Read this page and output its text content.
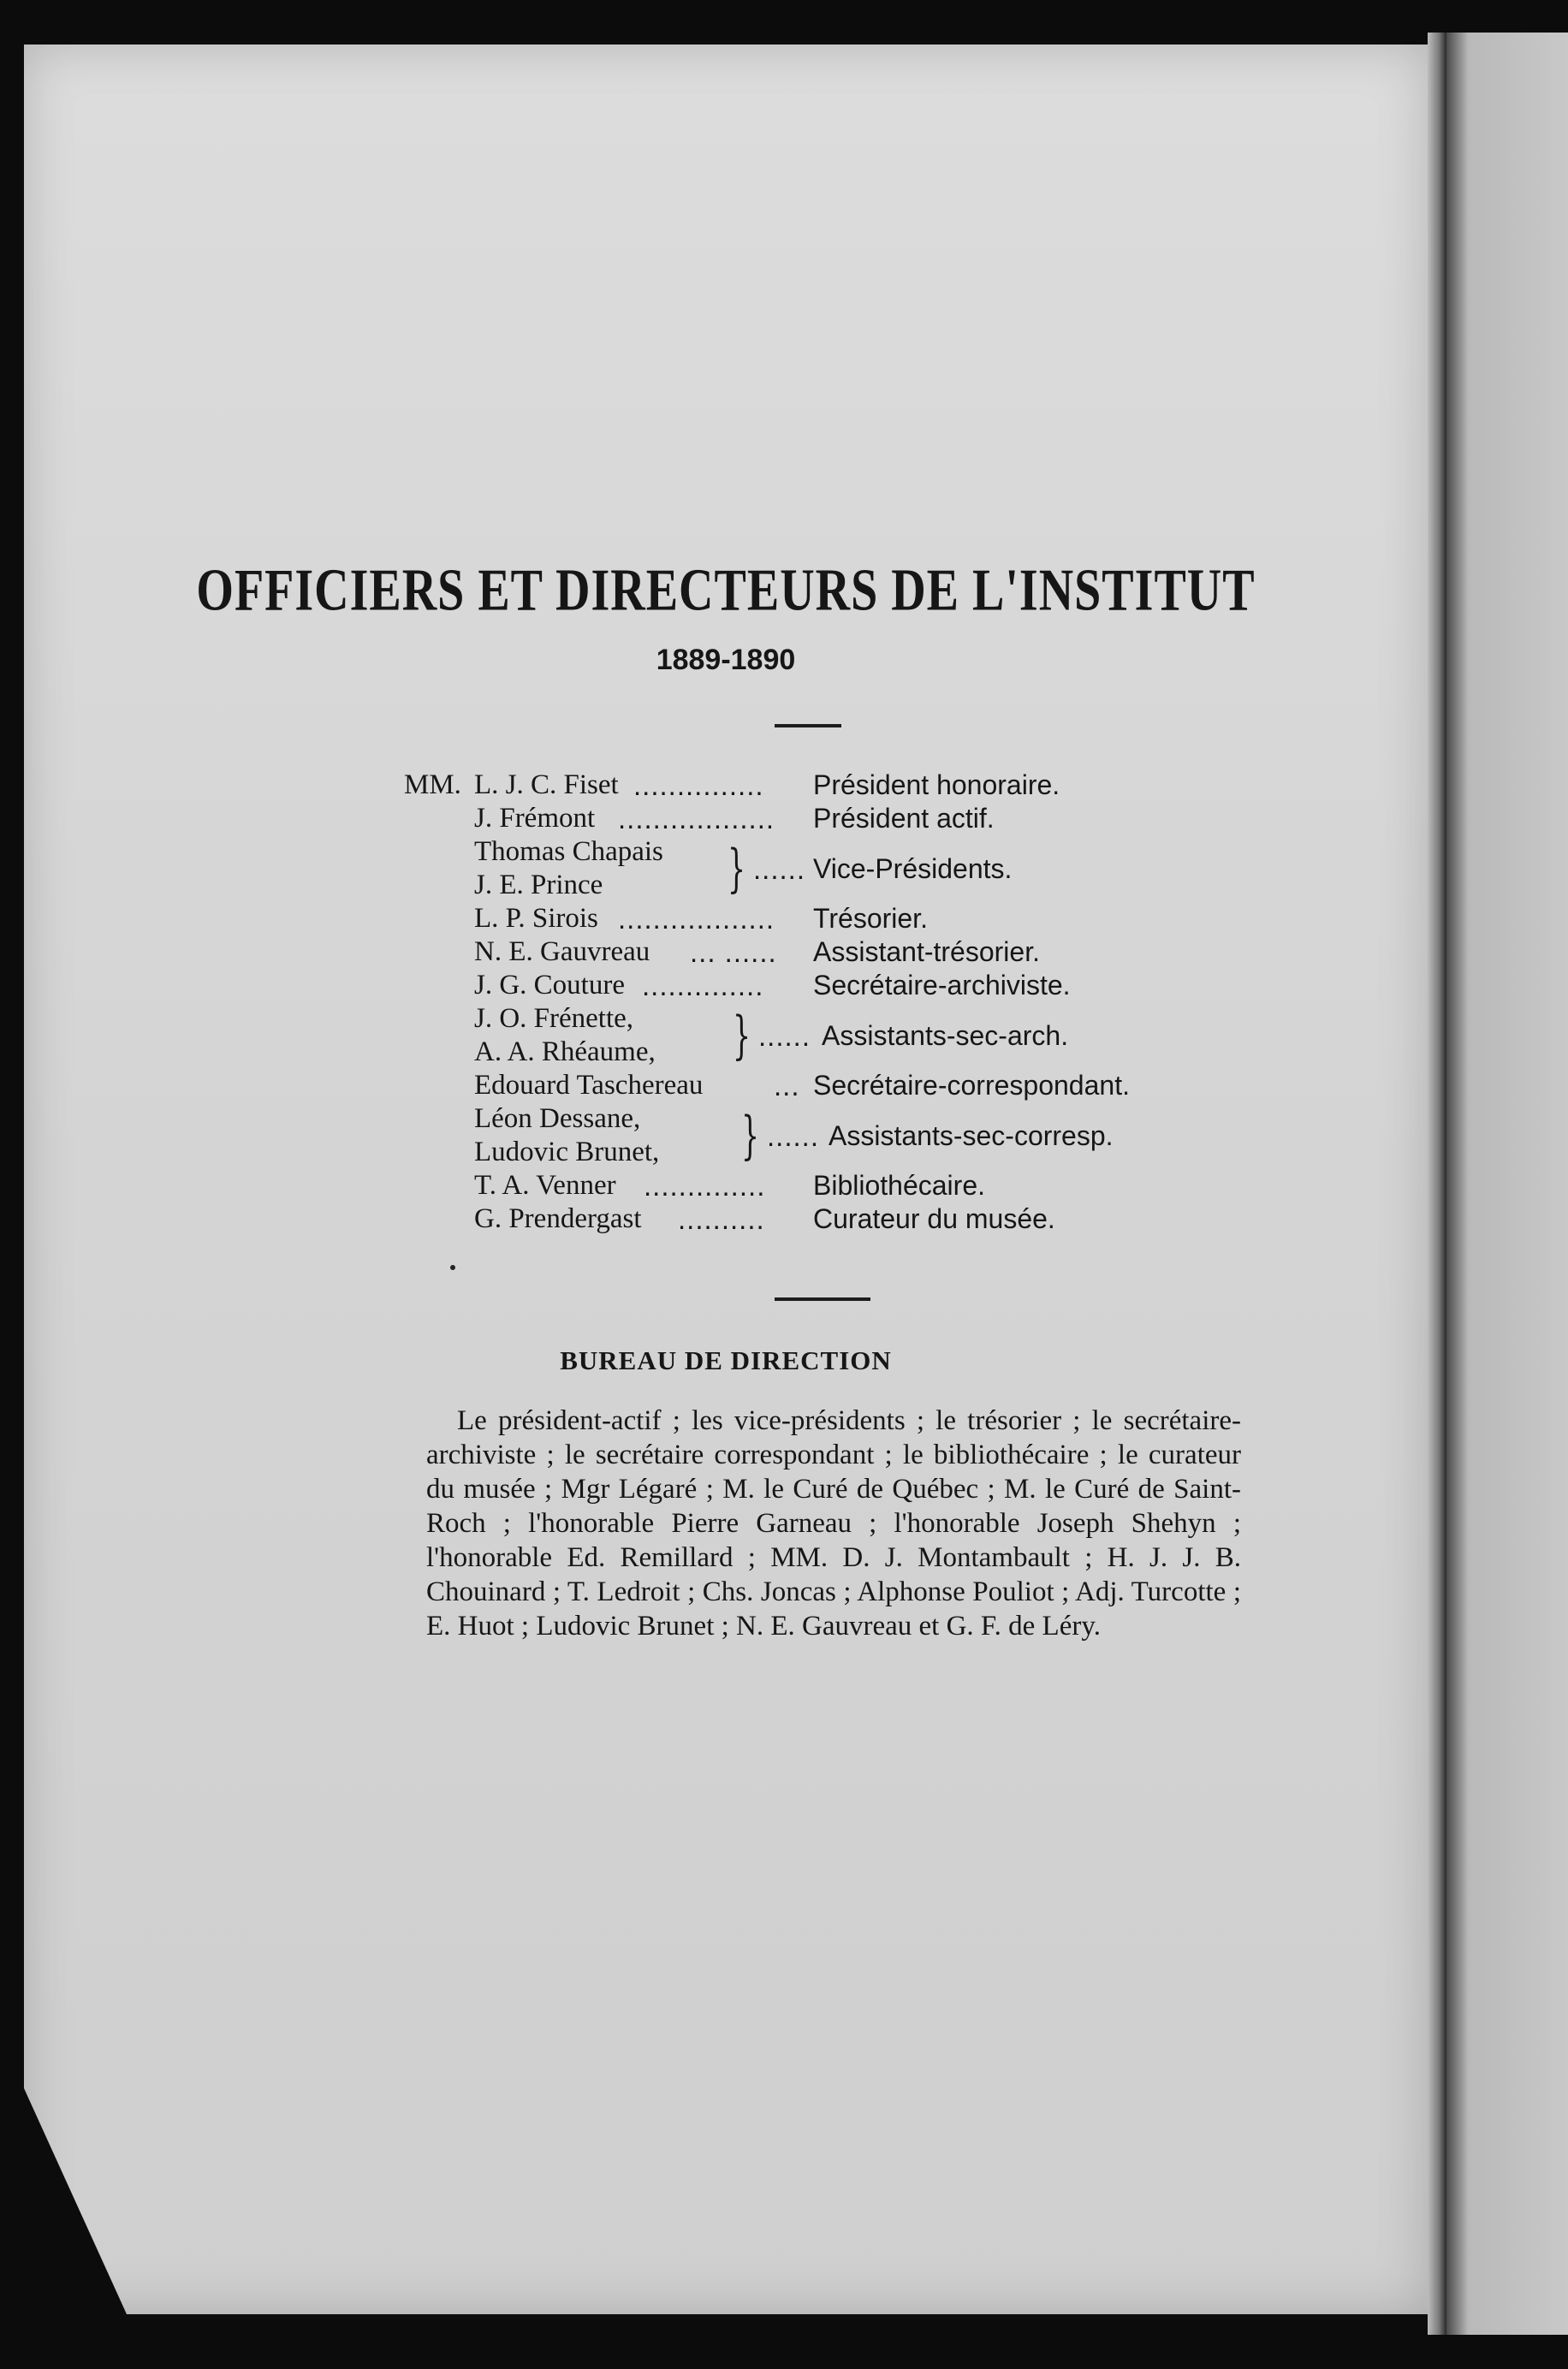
OFFICIERS ET DIRECTEURS DE L'INSTITUT
1889-1890
MM. L. J. C. Fiset ............... Président honoraire.
J. Frémont .................. Président actif.
Thomas Chapais
J. E. Prince } ...... Vice-Présidents.
L. P. Sirois .................. Trésorier.
N. E. Gauvreau ... ...... Assistant-trésorier.
J. G. Couture .............. Secrétaire-archiviste.
J. O. Frénette,
A. A. Rhéaume, } ...... Assistants-sec-arch.
Edouard Taschereau	... Secrétaire-correspondant.
Léon Dessane,
Ludovic Brunet, } ...... Assistants-sec-corresp.
T. A. Venner .............. Bibliothécaire.
G. Prendergast .......... Curateur du musée.
BUREAU DE DIRECTION

Le président-actif ; les vice-présidents ; le trésorier ; le secrétaire-archiviste ; le secrétaire correspondant ; le bibliothécaire ; le curateur du musée ; Mgr Légaré ; M. le Curé de Québec ; M. le Curé de Saint-Roch ; l'honorable Pierre Garneau ; l'honorable Joseph Shehyn ; l'honorable Ed. Remillard ; MM. D. J. Montambault ; H. J. J. B. Chouinard ; T. Ledroit ; Chs. Joncas ; Alphonse Pouliot ; Adj. Turcotte ; E. Huot ; Ludovic Brunet ; N. E. Gauvreau et G. F. de Léry.
